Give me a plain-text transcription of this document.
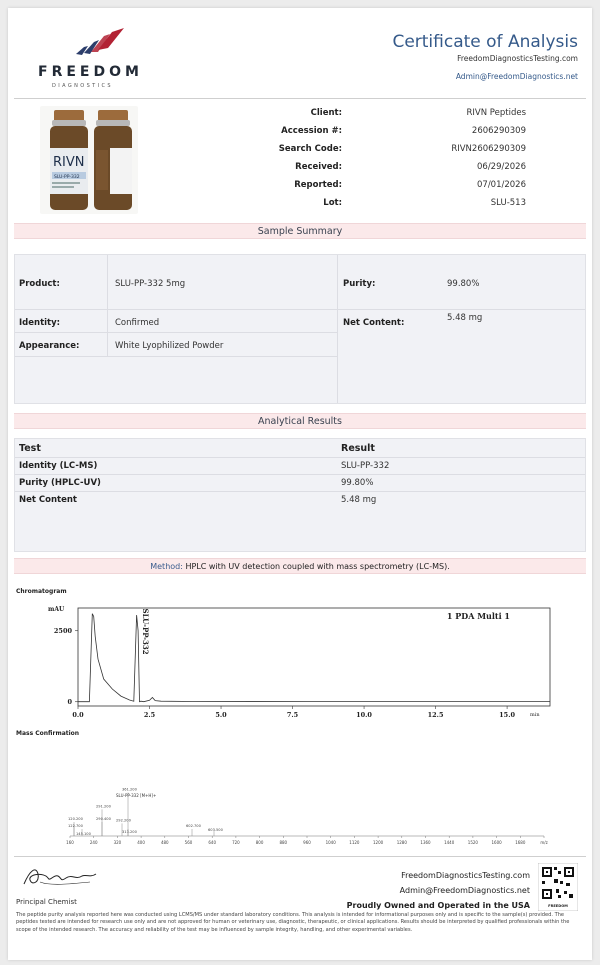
FREEDOM
DIAGNOSTICS
Certificate of Analysis
FreedomDiagnosticsTesting.com
Admin@FreedomDiagnostics.net
RIVN
SLU-PP-332
Client:	RIVN Peptides
Accession #:	2606290309
Search Code:	RIVN2606290309
Received:	06/29/2026
Reported:	07/01/2026
Lot:	SLU-513
Sample Summary
Product:	SLU-PP-332 5mg
Identity:	Confirmed
Appearance:	White Lyophilized Powder
Purity:	99.80%
Net Content:	5.48 mg
Analytical Results
Test	Result
Identity (LC-MS)	SLU-PP-332
Purity (HPLC-UV)	99.80%
Net Content	5.48 mg
Method: HPLC with UV detection coupled with mass spectrometry (LC-MS).
Chromatogram
0.0	2.5	5.0	7.5	10.0	12.5	15.0
0
2500	SLU-PP-332
mAU
1 PDA Multi 1
min
Mass Confirmation
160	240	320	400	480	560	640	720	800	880	960	1040	1120	1200	1280	1360	1440	1520	1600	1680	m/z
120.200
122.700
145.100
291.200
290.400 292.200
313.200
361.200
602.700
603.500
SLU-PP-332 [M+H]+
Principal Chemist
FreedomDiagnosticsTesting.com
Admin@FreedomDiagnostics.net
Proudly Owned and Operated in the USA	FREEDOM
The peptide purity analysis reported here was conducted using LCMS/MS under standard laboratory conditions. This analysis is intended for informational purposes only and is specific to the sample(s) provided. The peptides tested are intended for research use only and are not approved for human or veterinary use, diagnostic, therapeutic, or clinical applications. Results should be interpreted by qualified professionals within the scope of the intended research. The accuracy and reliability of the test may be influenced by sample integrity, handling, and other experimental variables.
